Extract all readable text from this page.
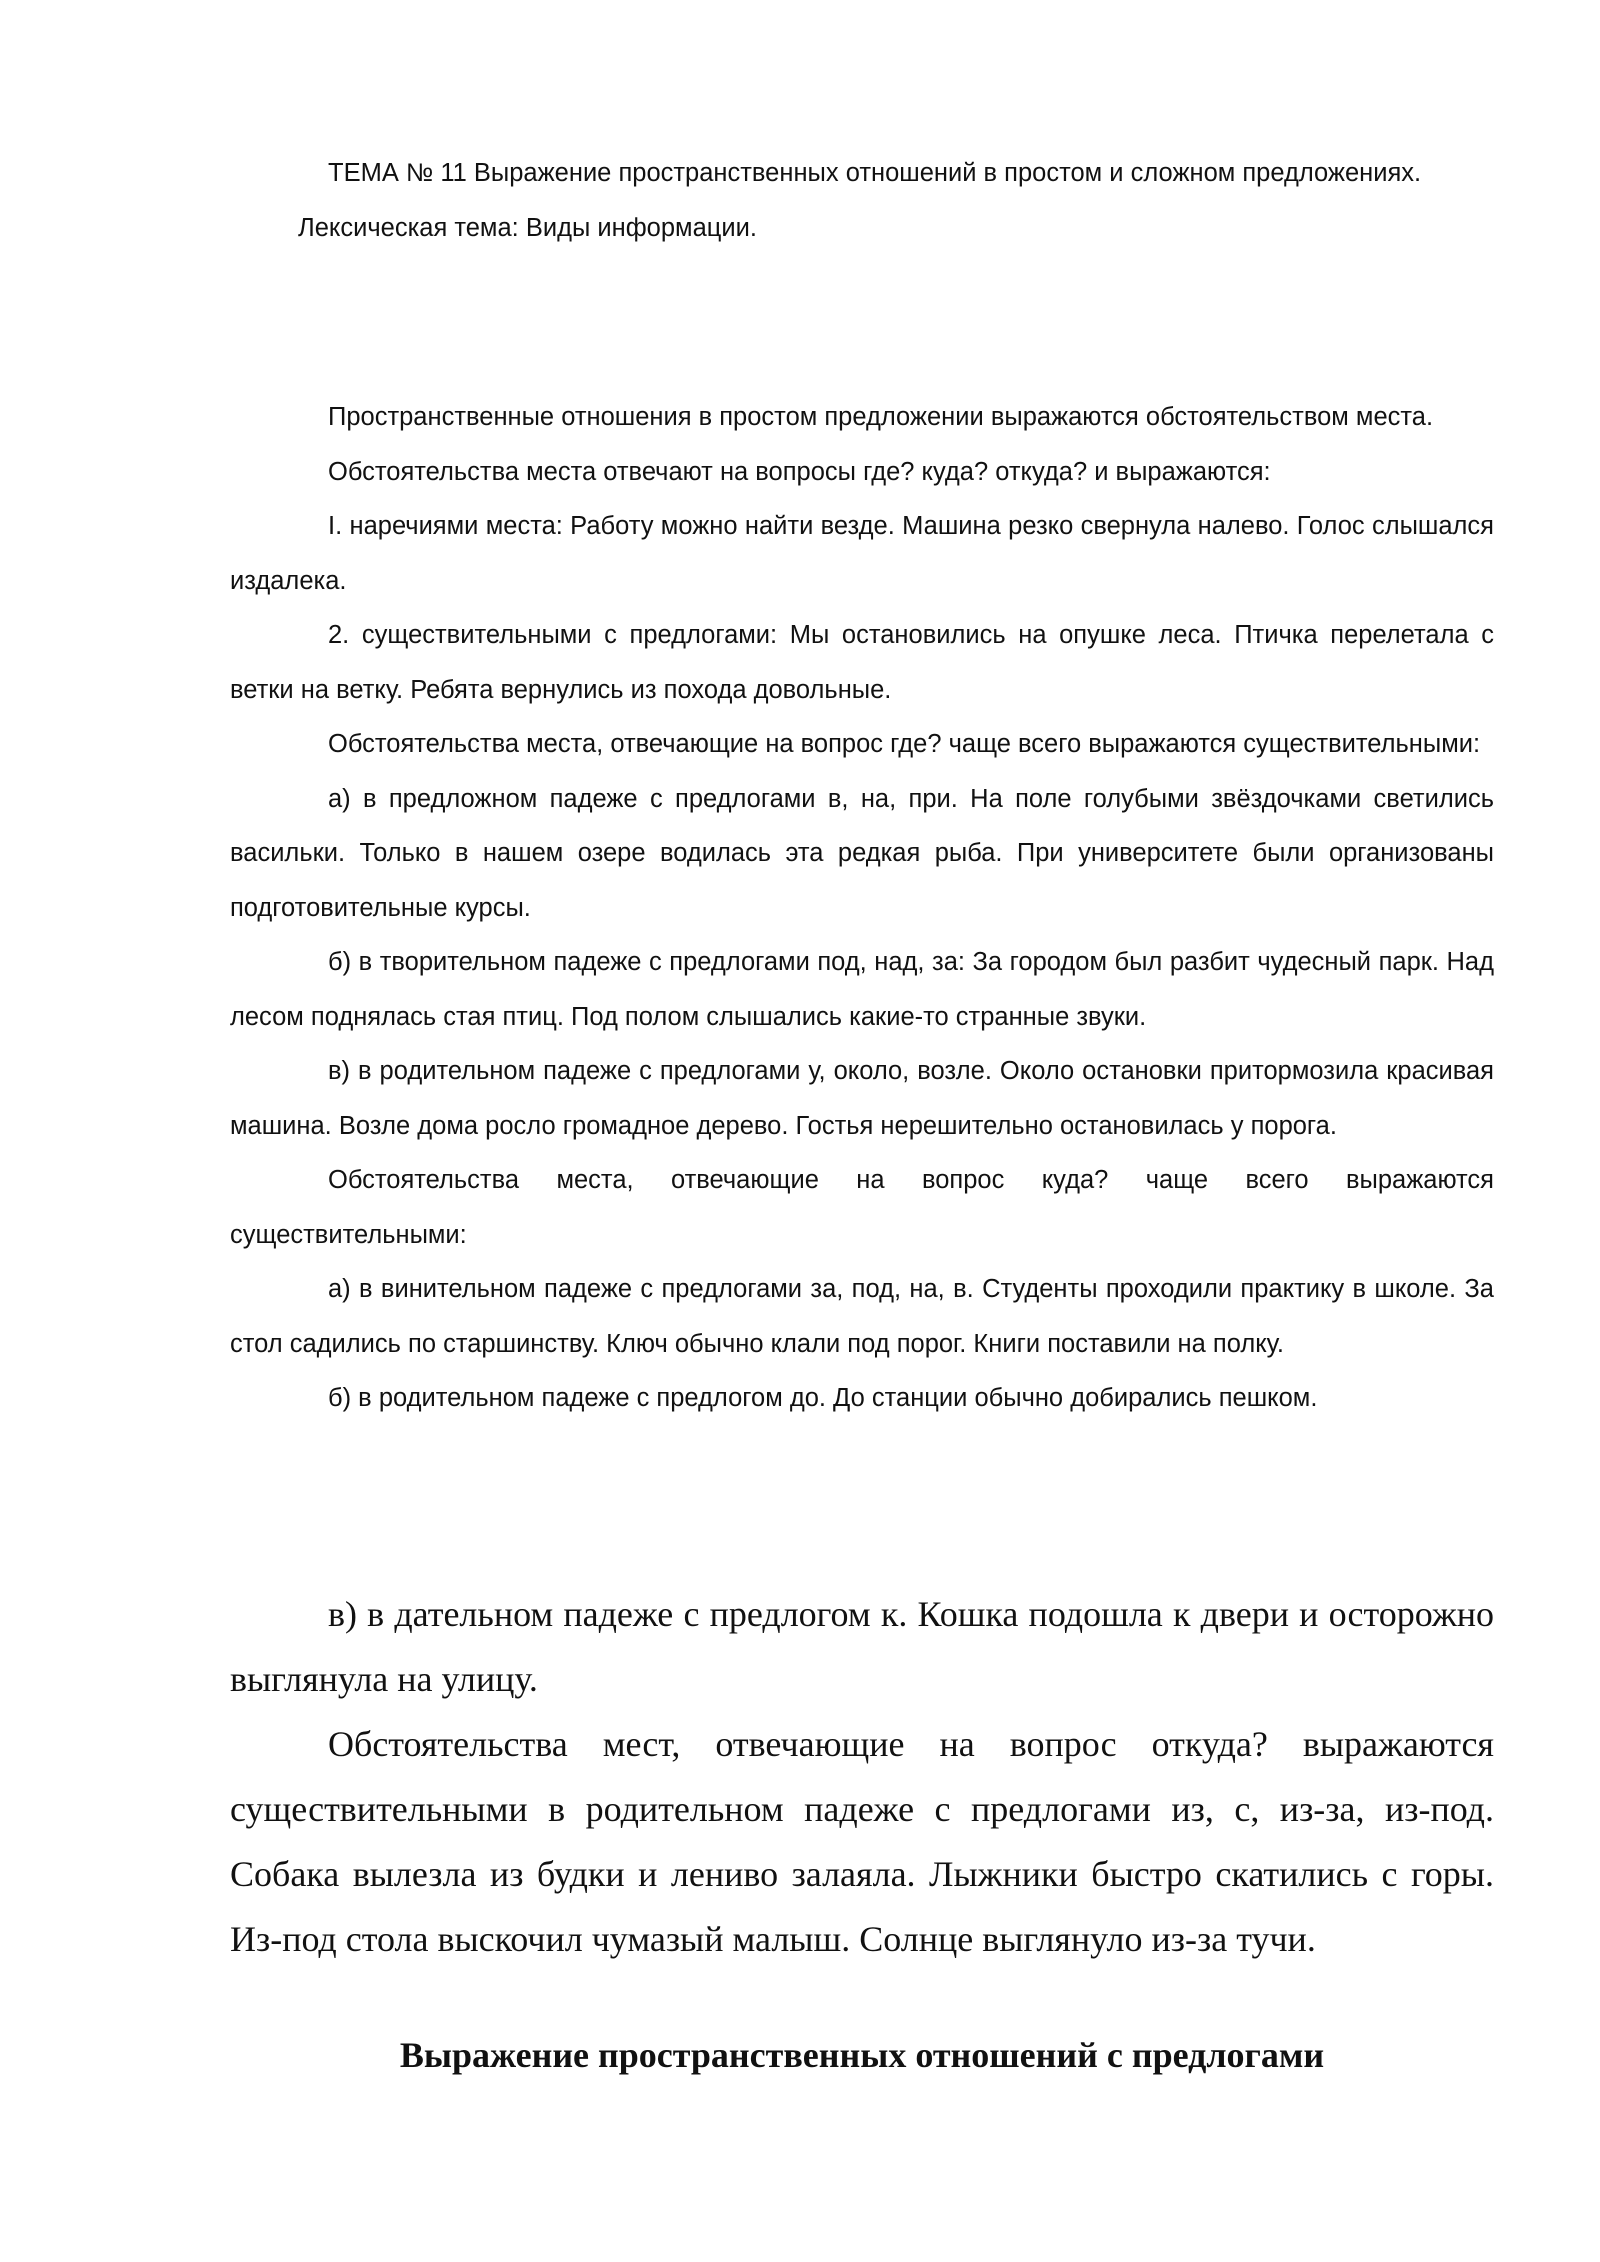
ТЕМА № 11 Выражение пространственных отношений в простом и сложном предложениях.

Лексическая тема: Виды информации.

Пространственные отношения в простом предложении выражаются обстоятельством места.

Обстоятельства места отвечают на вопросы где? куда? откуда? и выражаются:

I. наречиями места: Работу можно найти везде. Машина резко свернула налево. Голос слышался издалека.

2. существительными с предлогами: Мы остановились на опушке леса. Птичка перелетала с ветки на ветку. Ребята вернулись из похода довольные.

Обстоятельства места, отвечающие на вопрос где? чаще всего выражаются существительными:

а) в предложном падеже с предлогами в, на, при. На поле голубыми звёздочками светились васильки. Только в нашем озере водилась эта редкая рыба. При университете были организованы подготовительные курсы.

б) в творительном падеже с предлогами под, над, за: За городом был разбит чудесный парк. Над лесом поднялась стая птиц. Под полом слышались какие-то странные звуки.

в) в родительном падеже с предлогами у, около, возле. Около остановки притормозила красивая машина. Возле дома росло громадное дерево. Гостья нерешительно остановилась у порога.

Обстоятельства места, отвечающие на вопрос куда? чаще всего выражаются существительными:

а) в винительном падеже с предлогами за, под, на, в. Студенты проходили практику в школе. За стол садились по старшинству. Ключ обычно клали под порог. Книги поставили на полку.

б) в родительном падеже с предлогом до. До станции обычно добирались пешком.

в) в дательном падеже с предлогом к. Кошка подошла к двери и осторожно выглянула на улицу.

Обстоятельства мест, отвечающие на вопрос откуда? выражаются существительными в родительном падеже с предлогами из, с, из-за, из-под. Собака вылезла из будки и лениво залаяла. Лыжники быстро скатились с горы. Из-под стола выскочил чумазый малыш. Солнце выглянуло из-за тучи.

Выражение пространственных отношений с предлогами
